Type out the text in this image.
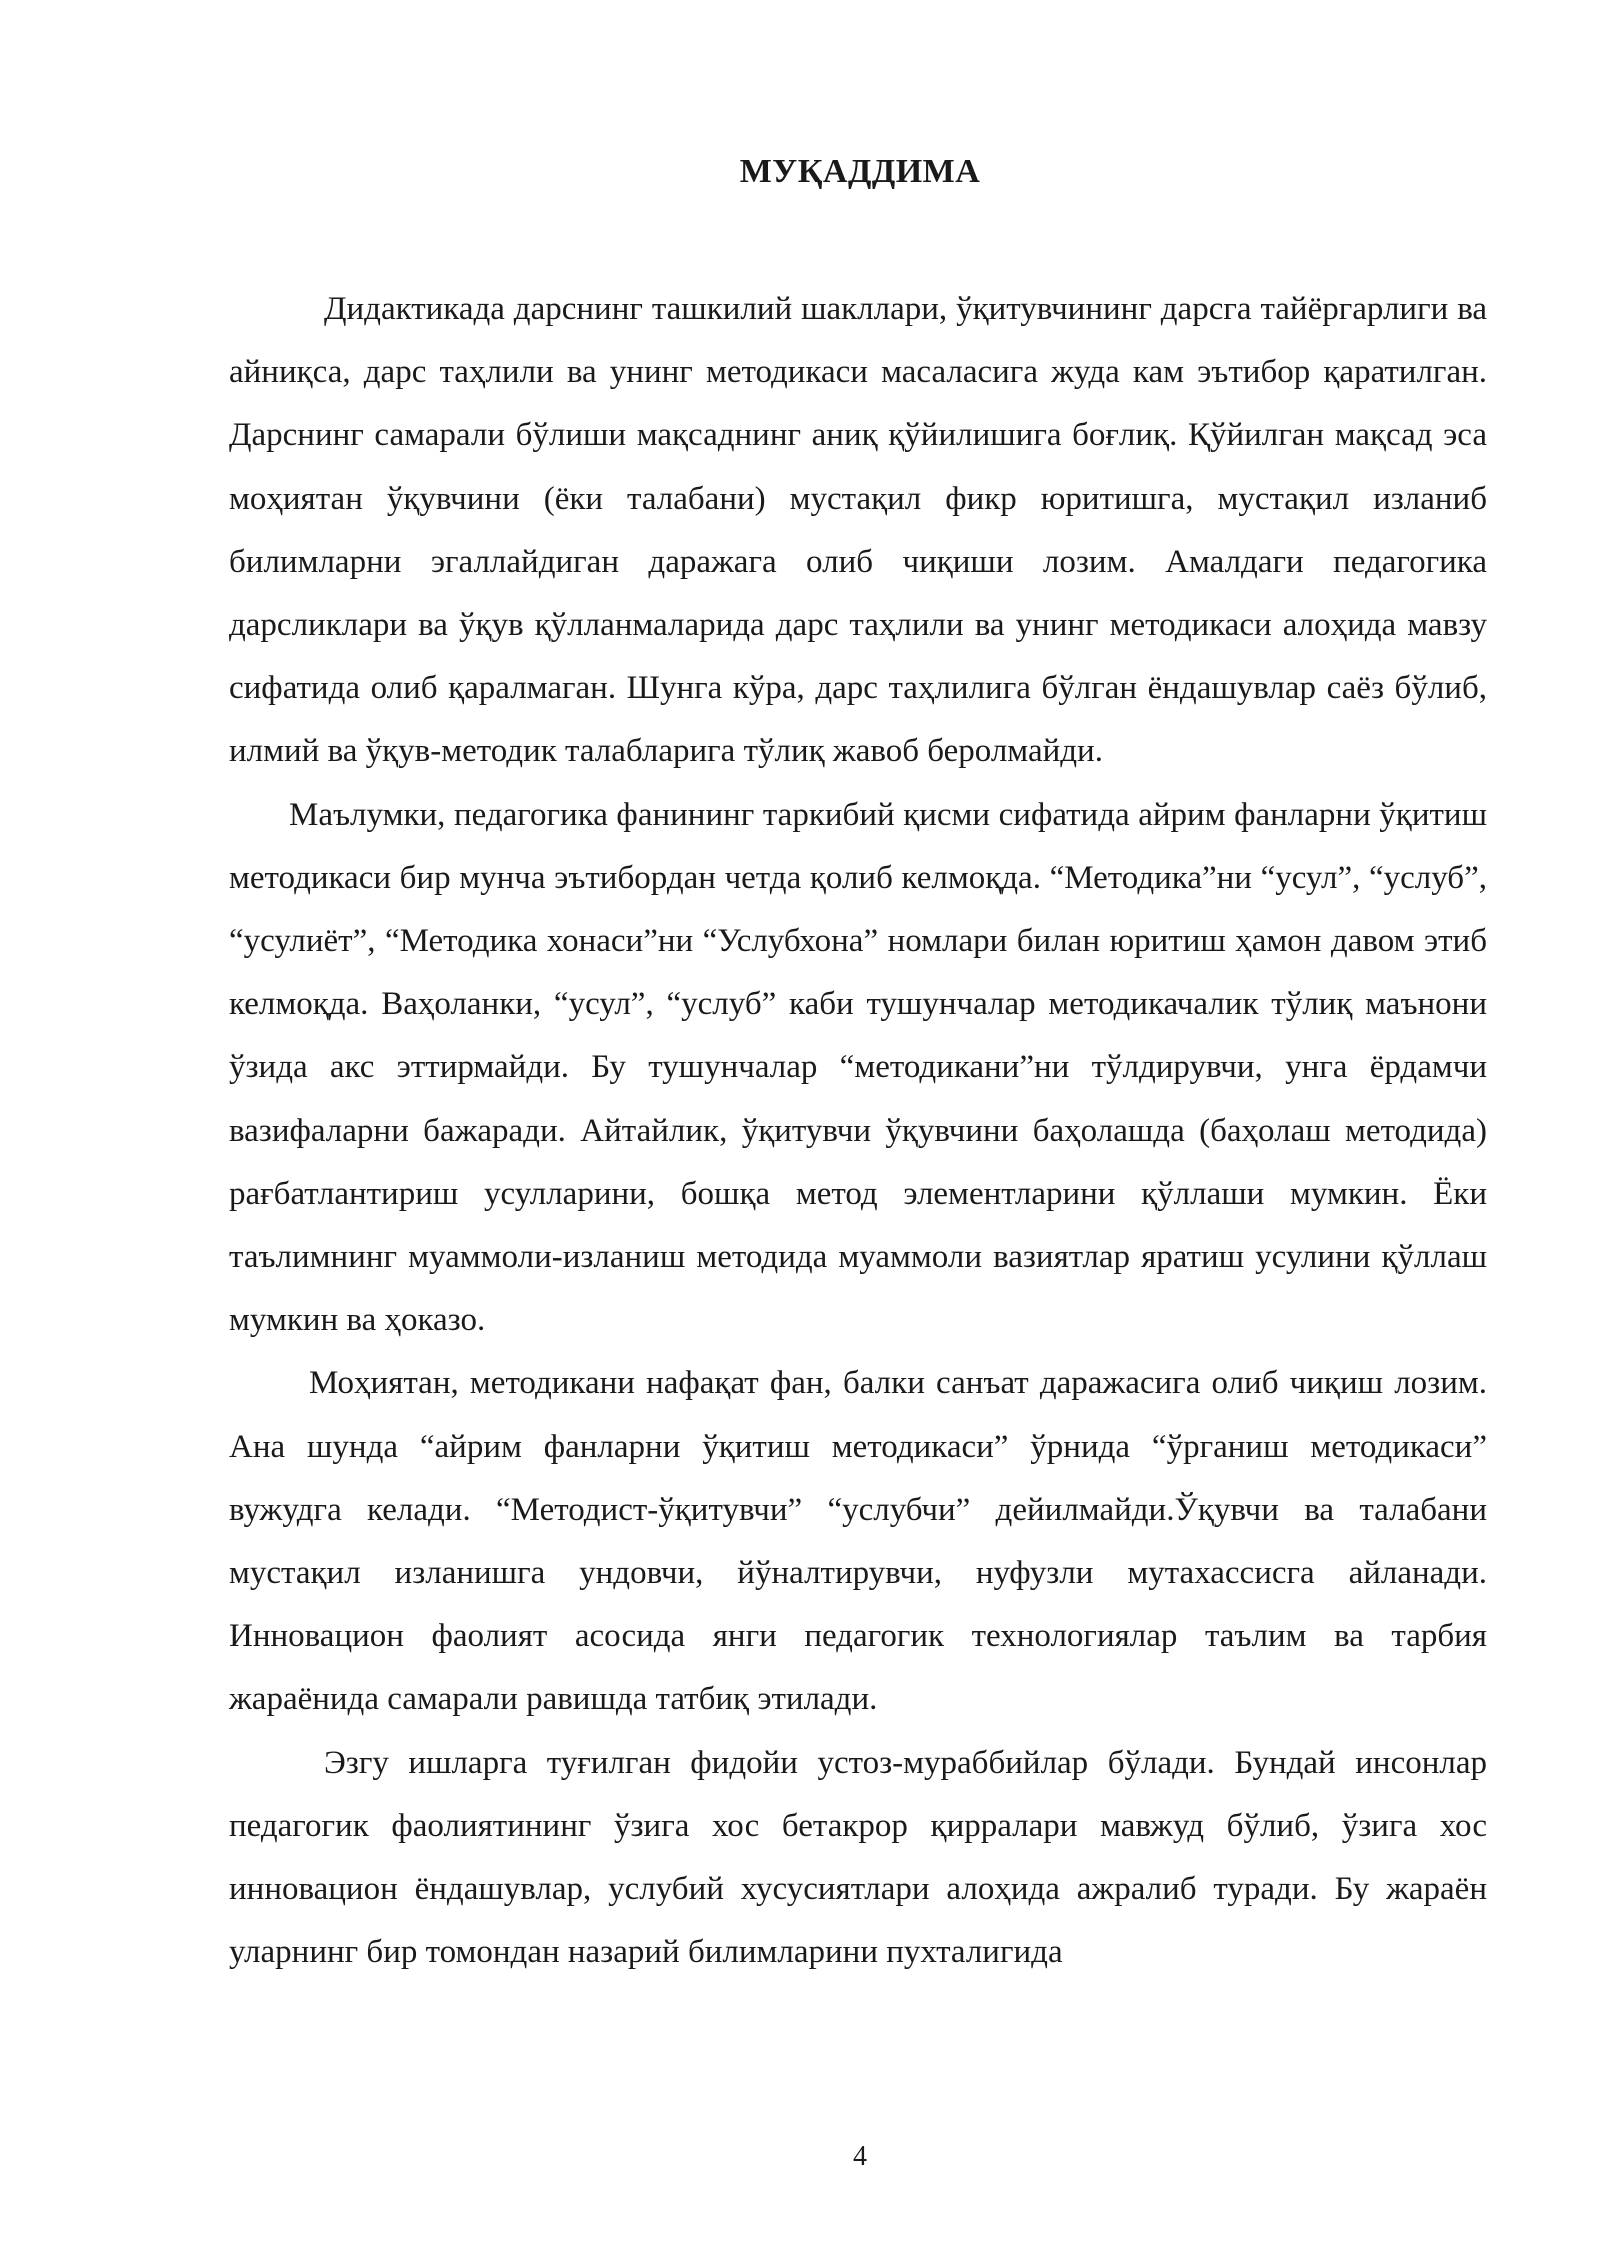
МУҚАДДИМА

Дидактикада дарснинг ташкилий шакллари, ўқитувчининг дарсга тайёргарлиги ва айниқса, дарс таҳлили ва унинг методикаси масаласига жуда кам эътибор қаратилган. Дарснинг самарали бўлиши мақсаднинг аниқ қўйилишига боғлиқ. Қўйилган мақсад эса моҳиятан ўқувчини (ёки талабани) мустақил фикр юритишга, мустақил изланиб билимларни эгаллайдиган даражага олиб чиқиши лозим. Амалдаги педагогика дарсликлари ва ўқув қўлланмаларида дарс таҳлили ва унинг методикаси алоҳида мавзу сифатида олиб қаралмаган. Шунга кўра, дарс таҳлилига бўлган ёндашувлар саёз бўлиб, илмий ва ўқув-методик талабларига тўлиқ жавоб беролмайди.

Маълумки, педагогика фанининг таркибий қисми сифатида айрим фанларни ўқитиш методикаси бир мунча эътибордан четда қолиб келмоқда. “Методика”ни “усул”, “услуб”, “усулиёт”, “Методика хонаси”ни “Услубхона” номлари билан юритиш ҳамон давом этиб келмоқда. Ваҳоланки, “усул”, “услуб” каби тушунчалар методикачалик тўлиқ маънони ўзида акс эттирмайди. Бу тушунчалар “методикани”ни тўлдирувчи, унга ёрдамчи вазифаларни бажаради. Айтайлик, ўқитувчи ўқувчини баҳолашда (баҳолаш методида) рағбатлантириш усулларини, бошқа метод элементларини қўллаши мумкин. Ёки таълимнинг муаммоли-изланиш методида муаммоли вазиятлар яратиш усулини қўллаш мумкин ва ҳоказо.

Моҳиятан, методикани нафақат фан, балки санъат даражасига олиб чиқиш лозим. Ана шунда “айрим фанларни ўқитиш методикаси” ўрнида “ўрганиш методикаси” вужудга келади. “Методист-ўқитувчи” “услубчи” дейилмайди.Ўқувчи ва талабани мустақил изланишга ундовчи, йўналтирувчи, нуфузли мутахассисга айланади. Инновацион фаолият асосида янги педагогик технологиялар таълим ва тарбия жараёнида самарали равишда татбиқ этилади.

Эзгу ишларга туғилган фидойи устоз-мураббийлар бўлади. Бундай инсонлар педагогик фаолиятининг ўзига хос бетакрор қирралари мавжуд бўлиб, ўзига хос инновацион ёндашувлар, услубий хусусиятлари алоҳида ажралиб туради. Бу жараён уларнинг бир томондан назарий билимларини пухталигида

4
